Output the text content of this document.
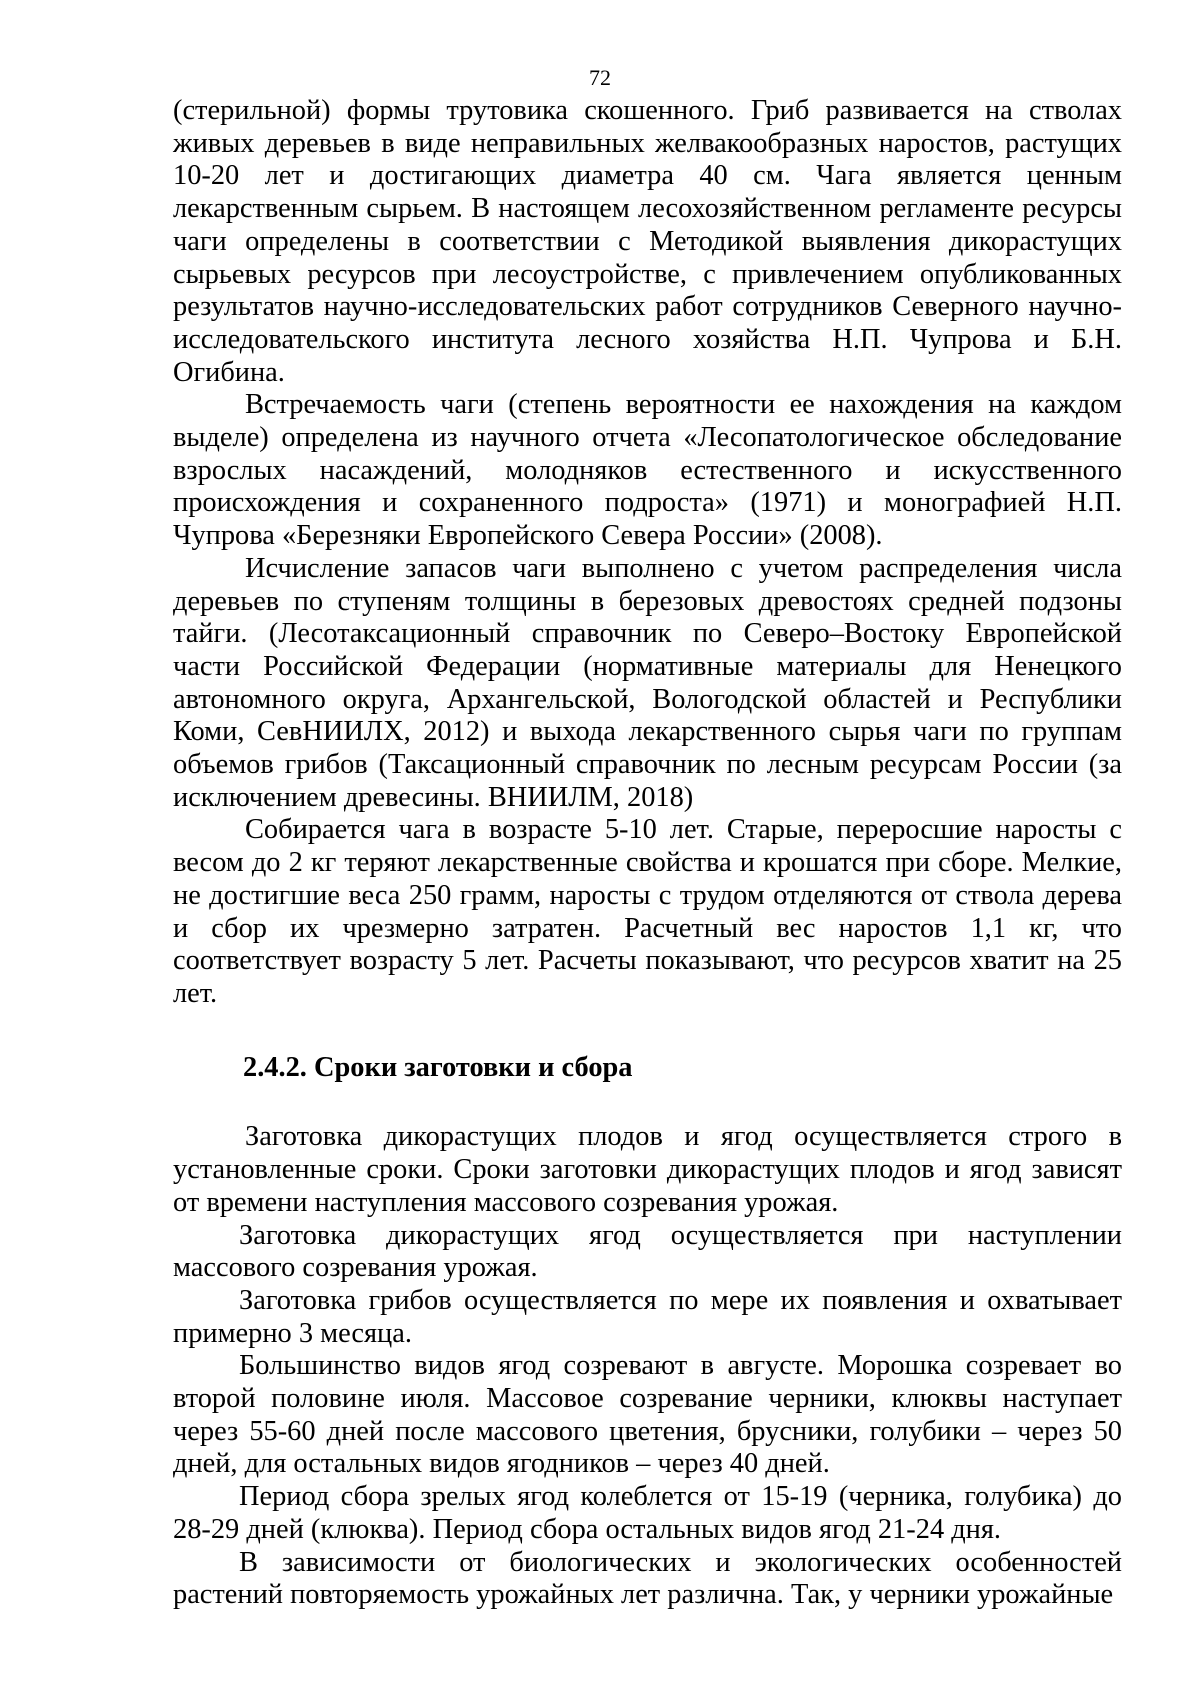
72

(стерильной) формы трутовика скошенного. Гриб развивается на стволах живых деревьев в виде неправильных желвакообразных наростов, растущих 10-20 лет и достигающих диаметра 40 см. Чага является ценным лекарственным сырьем. В настоящем лесохозяйственном регламенте ресурсы чаги определены в соответствии с Методикой выявления дикорастущих сырьевых ресурсов при лесоустройстве, с привлечением опубликованных результатов научно-исследовательских работ сотрудников Северного научно-исследовательского института лесного хозяйства Н.П. Чупрова и Б.Н. Огибина.

Встречаемость чаги (степень вероятности ее нахождения на каждом выделе) определена из научного отчета «Лесопатологическое обследование взрослых насаждений, молодняков естественного и искусственного происхождения и сохраненного подроста» (1971) и монографией Н.П. Чупрова «Березняки Европейского Севера России» (2008).

Исчисление запасов чаги выполнено с учетом распределения числа деревьев по ступеням толщины в березовых древостоях средней подзоны тайги. (Лесотаксационный справочник по Северо–Востоку Европейской части Российской Федерации (нормативные материалы для Ненецкого автономного округа, Архангельской, Вологодской областей и Республики Коми, СевНИИЛХ, 2012) и выхода лекарственного сырья чаги по группам объемов грибов (Таксационный справочник по лесным ресурсам России (за исключением древесины. ВНИИЛМ, 2018)

Собирается чага в возрасте 5-10 лет. Старые, переросшие наросты с весом до 2 кг теряют лекарственные свойства и крошатся при сборе. Мелкие, не достигшие веса 250 грамм, наросты с трудом отделяются от ствола дерева и сбор их чрезмерно затратен. Расчетный вес наростов 1,1 кг, что соответствует возрасту 5 лет. Расчеты показывают, что ресурсов хватит на 25 лет.

2.4.2. Сроки заготовки и сбора

Заготовка дикорастущих плодов и ягод осуществляется строго в установленные сроки. Сроки заготовки дикорастущих плодов и ягод зависят от времени наступления массового созревания урожая.

Заготовка дикорастущих ягод осуществляется при наступлении массового созревания урожая.

Заготовка грибов осуществляется по мере их появления и охватывает примерно 3 месяца.

Большинство видов ягод созревают в августе. Морошка созревает во второй половине июля. Массовое созревание черники, клюквы наступает через 55-60 дней после массового цветения, брусники, голубики – через 50 дней, для остальных видов ягодников – через 40 дней.

Период сбора зрелых ягод колеблется от 15-19 (черника, голубика) до 28-29 дней (клюква). Период сбора остальных видов ягод 21-24 дня.

В зависимости от биологических и экологических особенностей растений повторяемость урожайных лет различна. Так, у черники урожайные
